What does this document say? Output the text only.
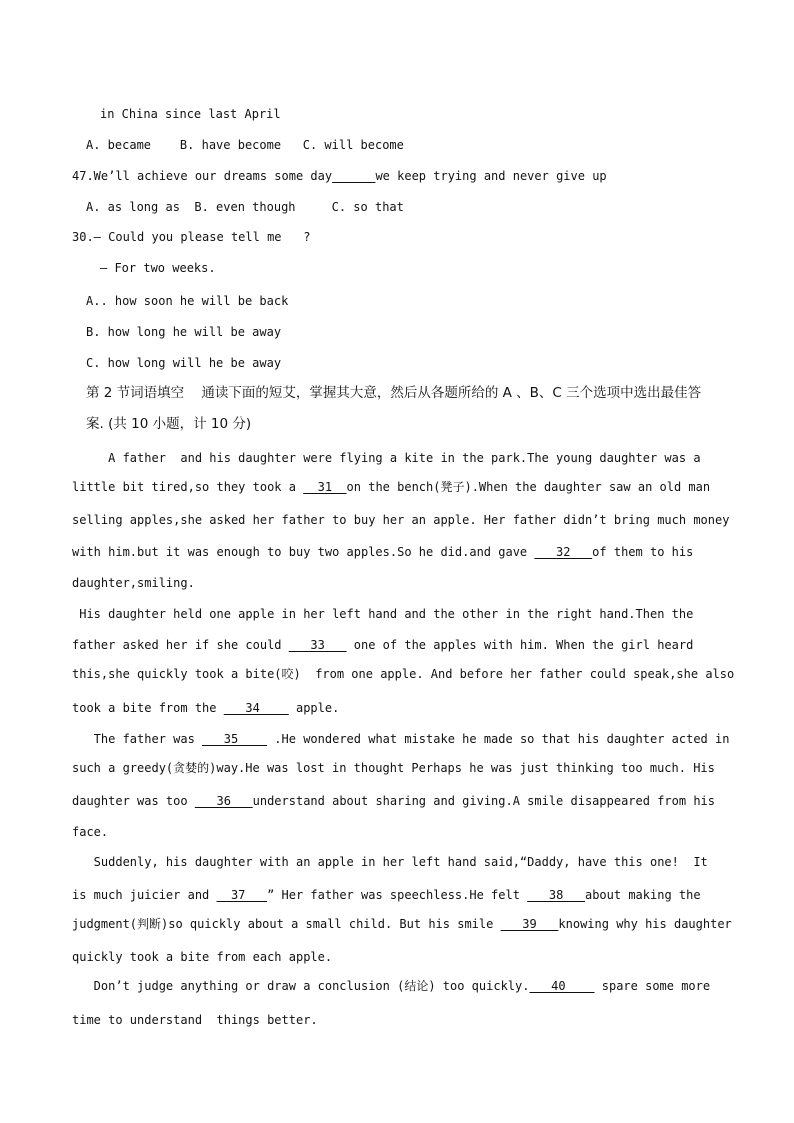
in China since last April
A. became    B. have become   C. will become
47.We’ll achieve our dreams some day	we keep trying and never give up
A. as long as  B. even though     C. so that
30.— Could you please tell me   ?
— For two weeks.
A.. how soon he will be back
B. how long he will be away
C. how long will he be away
第 2 节词语填空    通读下面的短艾，掌握其大意，然后从各题所给的 A 、B、C 三个选项中选出最佳答
案. (共 10 小题，计 10 分)
A father  and his daughter were flying a kite in the park.The young daughter was a
little bit tired,so they took a   31  on the bench(凳子).When the daughter saw an old man
selling apples,she asked her father to buy her an apple. Her father didn’t bring much money
with him.but it was enough to buy two apples.So he did.and gave    32   of them to his
daughter,smiling.
His daughter held one apple in her left hand and the other in the right hand.Then the
father asked her if she could    33    one of the apples with him. When the girl heard
this,she quickly took a bite(咬)  from one apple. And before her father could speak,she also
took a bite from the    34     apple.
The father was    35     .He wondered what mistake he made so that his daughter acted in
such a greedy(贪婪的)way.He was lost in thought Perhaps he was just thinking too much. His
daughter was too    36   understand about sharing and giving.A smile disappeared from his
face.
Suddenly, his daughter with an apple in her left hand said,“Daddy, have this one!  It
is much juicier and   37   ” Her father was speechless.He felt    38   about making the
judgment(判断)so quickly about a small child. But his smile    39   knowing why his daughter
quickly took a bite from each apple.
Don’t judge anything or draw a conclusion (结论) too quickly.   40     spare some more
time to understand  things better.
